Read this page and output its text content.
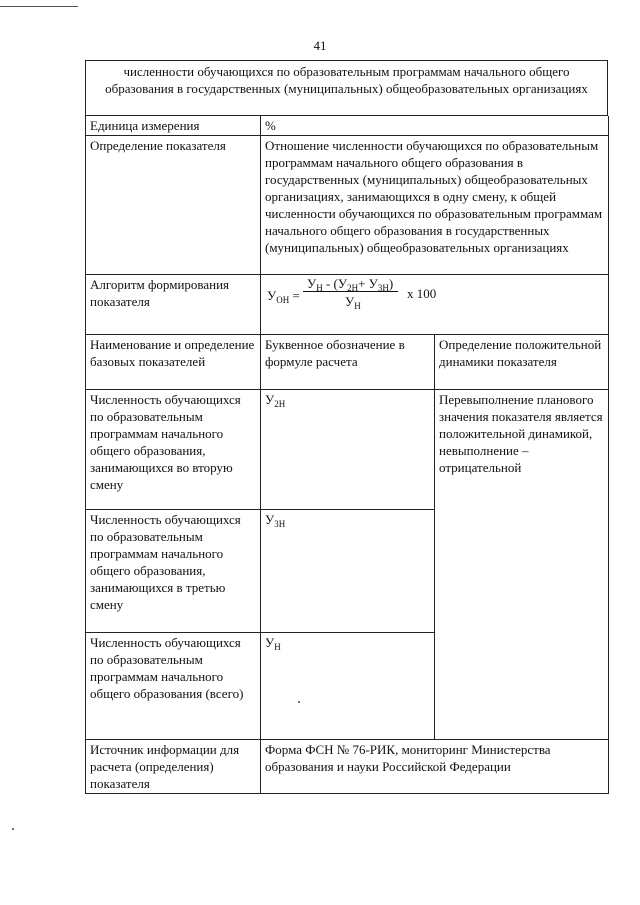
41
численности обучающихся по образовательным программам начального общего образования в государственных (муниципальных) общеобразовательных организациях
Единица измерения	%	
Определение показателя	Отношение численности обучающихся по образовательным программам начального общего образования в государственных (муниципальных) общеобразовательных организациях, занимающихся в одну смену, к общей численности обучающихся по образовательным программам начального общего образования в государственных (муниципальных) общеобразовательных организациях	
Алгоритм формирования показателя	$У_{ОН}$ =
$У_Н - (У_{2Н}+ У_{3Н})$
$У_Н$
х 100	

Наименование и определение базовых показателей	Буквенное обозначение в формуле расчета	Определение положительной динамики показателя
Численность обучающихся по образовательным программам начального общего образования, занимающихся во вторую смену	$У_{2Н}$	Перевыполнение планового значения показателя является положительной динамикой, невыполнение – отрицательной
Численность обучающихся по образовательным программам начального общего образования, занимающихся в третью смену	$У_{3Н}$
Численность обучающихся по образовательным программам начального общего образования (всего)	$У_Н$
Источник информации для расчета (определения) показателя	Форма ФСН № 76-РИК, мониторинг Министерства образования и науки Российской Федерации	
